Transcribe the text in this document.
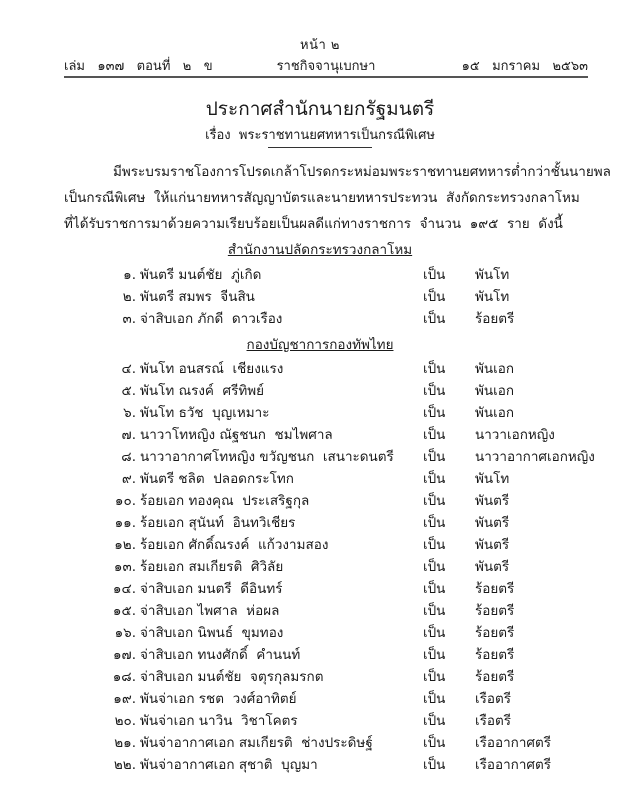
หน้า ๒
เล่ม   ๑๓๗   ตอนที่   ๒   ข	ราชกิจจานุเบกษา	๑๕   มกราคม   ๒๕๖๓
ประกาศสำนักนายกรัฐมนตรี
เรื่อง  พระราชทานยศทหารเป็นกรณีพิเศษ
มีพระบรมราชโองการโปรดเกล้าโปรดกระหม่อมพระราชทานยศทหารต่ำกว่าชั้นนายพล
เป็นกรณีพิเศษ  ให้แก่นายทหารสัญญาบัตรและนายทหารประทวน  สังกัดกระทรวงกลาโหม
ที่ได้รับราชการมาด้วยความเรียบร้อยเป็นผลดีแก่ทางราชการ  จำนวน  ๑๙๕  ราย  ดังนี้
สำนักงานปลัดกระทรวงกลาโหม
๑. พันตรี มนต์ชัย  ภู่เกิด	เป็น พันโท
๒. พันตรี สมพร  จีนสิน	เป็น พันโท
๓. จ่าสิบเอก ภักดี  ดาวเรือง	เป็น ร้อยตรี
กองบัญชาการกองทัพไทย
๔. พันโท อนสรณ์  เชียงแรง	เป็น พันเอก
๕. พันโท ณรงค์  ศรีทิพย์	เป็น พันเอก
๖. พันโท ธวัช  บุญเหมาะ	เป็น พันเอก
๗. นาวาโทหญิง ณัฐชนก  ชมไพศาล	เป็น นาวาเอกหญิง
๘. นาวาอากาศโทหญิง ขวัญชนก  เสนาะดนตรี เป็น นาวาอากาศเอกหญิง
๙. พันตรี ชลิต  ปลอดกระโทก	เป็น พันโท
๑๐. ร้อยเอก ทองคุณ  ประเสริฐกุล	เป็น พันตรี
๑๑. ร้อยเอก สุนันท์  อินทวิเชียร	เป็น พันตรี
๑๒. ร้อยเอก ศักดิ์ณรงค์  แก้วงามสอง	เป็น พันตรี
๑๓. ร้อยเอก สมเกียรติ  ศิวิลัย	เป็น พันตรี
๑๔. จ่าสิบเอก มนตรี  ดีอินทร์	เป็น ร้อยตรี
๑๕. จ่าสิบเอก ไพศาล  ห่อผล	เป็น ร้อยตรี
๑๖. จ่าสิบเอก นิพนธ์  ขุมทอง	เป็น ร้อยตรี
๑๗. จ่าสิบเอก ทนงศักดิ์  คำนนท์	เป็น ร้อยตรี
๑๘. จ่าสิบเอก มนต์ชัย  จตุรกุลมรกต	เป็น ร้อยตรี
๑๙. พันจ่าเอก รชต  วงศ์อาทิตย์	เป็น เรือตรี
๒๐. พันจ่าเอก นาวิน  วิชาโคตร	เป็น เรือตรี
๒๑. พันจ่าอากาศเอก สมเกียรติ  ช่างประดิษฐ์	เป็น เรืออากาศตรี
๒๒. พันจ่าอากาศเอก สุชาติ  บุญมา	เป็น เรืออากาศตรี
